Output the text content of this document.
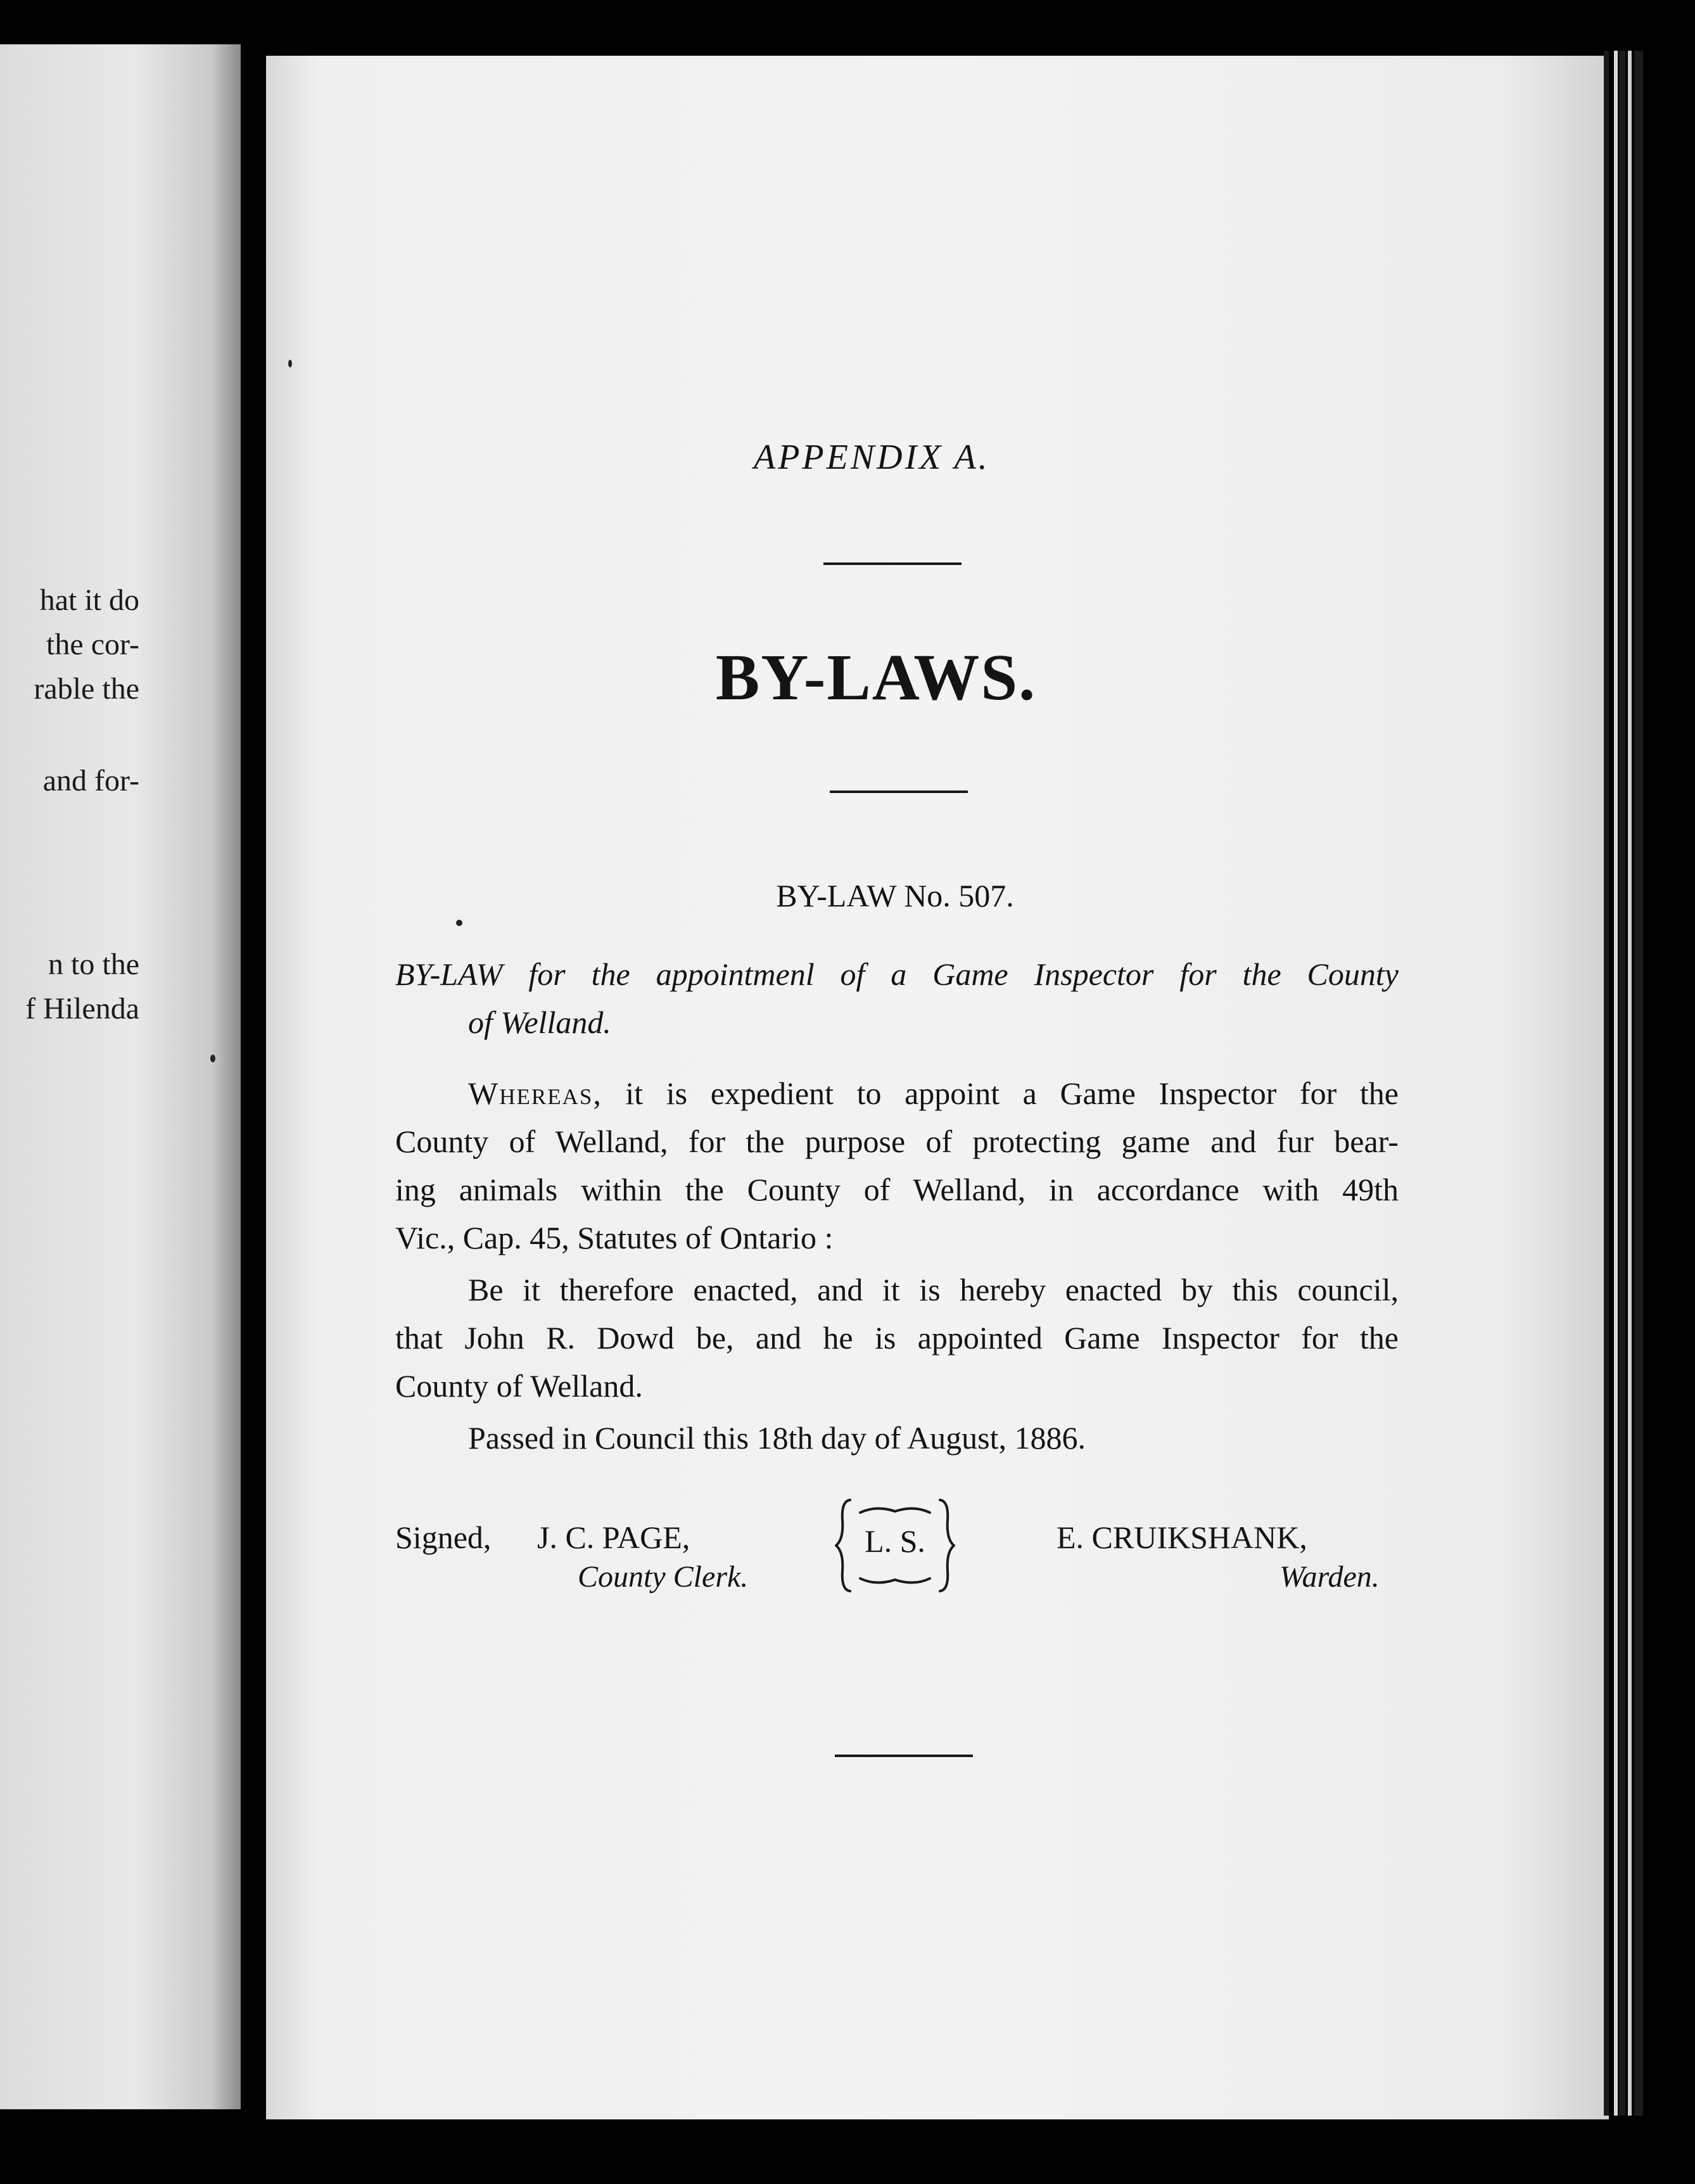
hat it do
the cor-
rable the
and for-
n to the
f Hilenda
APPENDIX A.
BY-LAWS.
BY-LAW No. 507.
BY-LAW for the appointmenl of a Game Inspector for the County
of Welland.
Whereas, it is expedient to appoint a Game Inspector for the
County of Welland, for the purpose of protecting game and fur bear-
ing animals within the County of Welland, in accordance with 49th
Vic., Cap. 45, Statutes of Ontario :
Be it therefore enacted, and it is hereby enacted by this council,
that John R. Dowd be, and he is appointed Game Inspector for the
County of Welland.
Passed in Council this 18th day of August, 1886.
Signed, J. C. PAGE,
County Clerk.
L. S.	E. CRUIKSHANK,
Warden.
